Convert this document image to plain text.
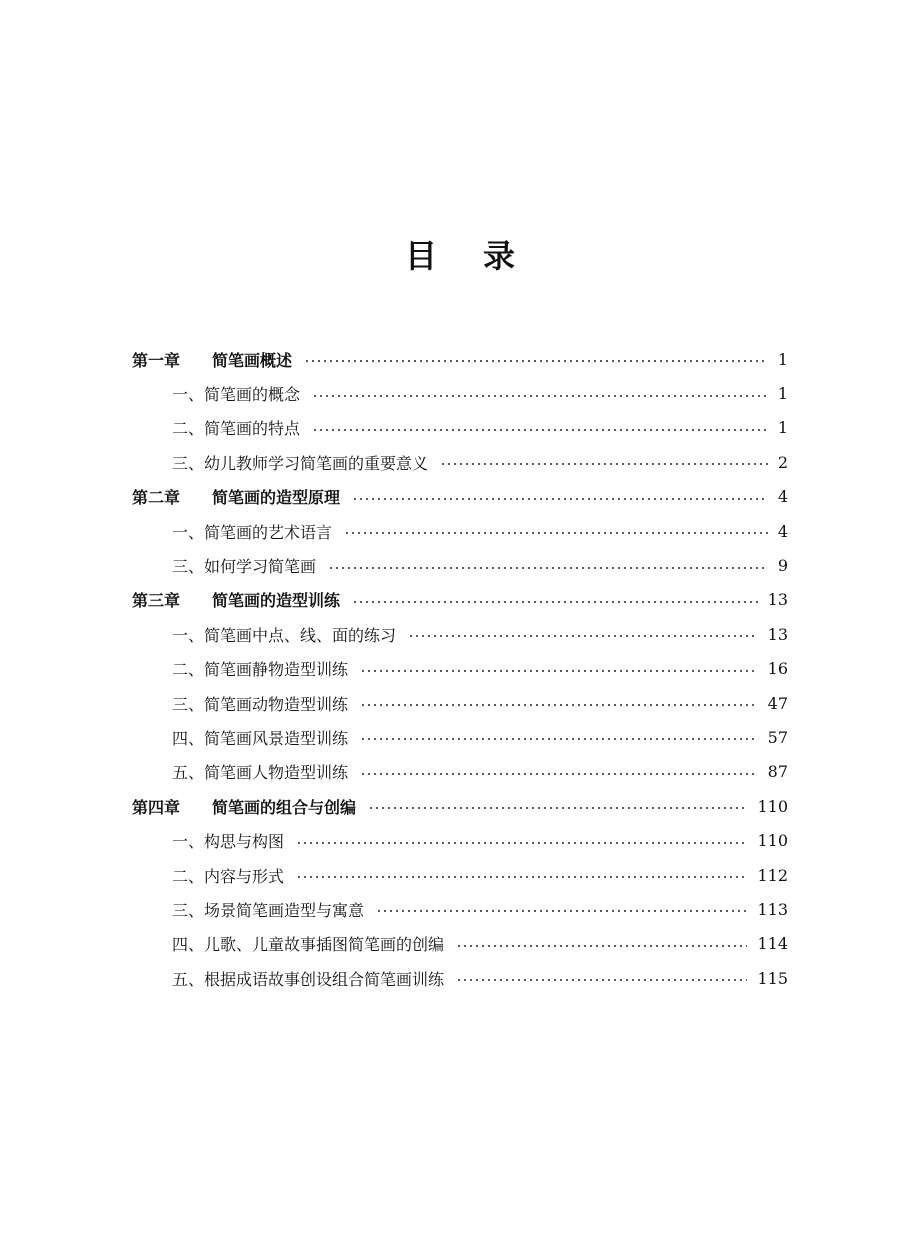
目 录
第一章	简笔画概述	1
一、简笔画的概念	1
二、简笔画的特点	1
三、幼儿教师学习简笔画的重要意义	2
第二章	简笔画的造型原理	4
一、简笔画的艺术语言	4
三、如何学习简笔画	9
第三章	简笔画的造型训练	13
一、简笔画中点、线、面的练习	13
二、简笔画静物造型训练	16
三、简笔画动物造型训练	47
四、简笔画风景造型训练	57
五、简笔画人物造型训练	87
第四章	简笔画的组合与创编	110
一、构思与构图	110
二、内容与形式	112
三、场景简笔画造型与寓意	113
四、儿歌、儿童故事插图简笔画的创编	114
五、根据成语故事创设组合简笔画训练	115
